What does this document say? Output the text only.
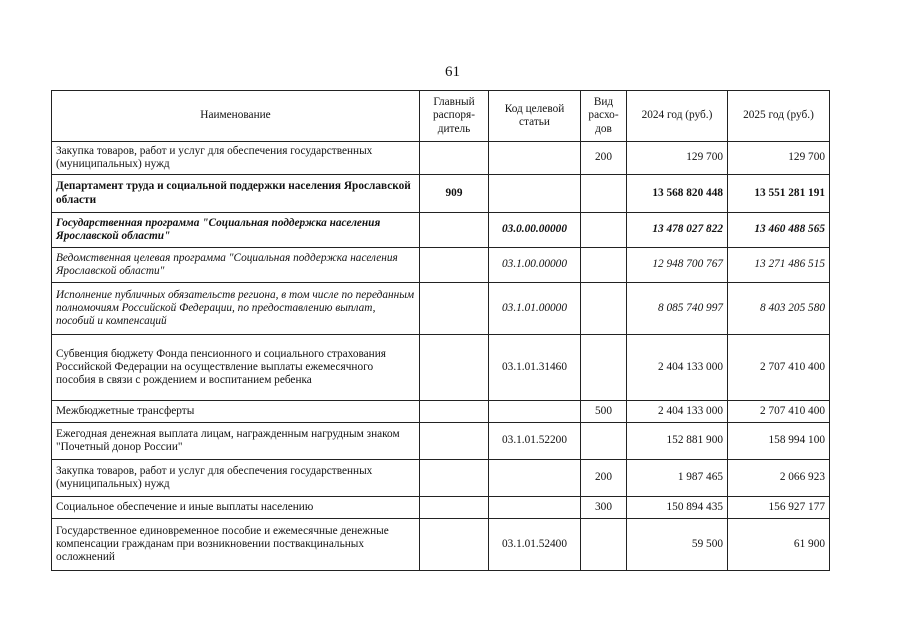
61
Наименование	Главный распоря-дитель	Код целевой статьи	Вид расхо-дов	2024 год (руб.)	2025 год (руб.)
Закупка товаров, работ и услуг для обеспечения государственных (муниципальных) нужд			200	129 700	129 700
Департамент труда и социальной поддержки населения Ярославской области	909			13 568 820 448	13 551 281 191
Государственная программа "Социальная поддержка населения Ярославской области"		03.0.00.00000		13 478 027 822	13 460 488 565
Ведомственная целевая программа "Социальная поддержка населения Ярославской области"		03.1.00.00000		12 948 700 767	13 271 486 515
Исполнение публичных обязательств региона, в том числе по переданным полномочиям Российской Федерации, по предоставлению выплат, пособий и компенсаций		03.1.01.00000		8 085 740 997	8 403 205 580
Субвенция бюджету Фонда пенсионного и социального страхования Российской Федерации на осуществление выплаты ежемесячного пособия в связи с рождением и воспитанием ребенка		03.1.01.31460		2 404 133 000	2 707 410 400
Межбюджетные трансферты			500	2 404 133 000	2 707 410 400
Ежегодная денежная выплата лицам, награжденным нагрудным знаком "Почетный донор России"		03.1.01.52200		152 881 900	158 994 100
Закупка товаров, работ и услуг для обеспечения государственных (муниципальных) нужд			200	1 987 465	2 066 923
Социальное обеспечение и иные выплаты населению			300	150 894 435	156 927 177
Государственное единовременное пособие и ежемесячные денежные компенсации гражданам при возникновении поствакцинальных осложнений		03.1.01.52400		59 500	61 900
